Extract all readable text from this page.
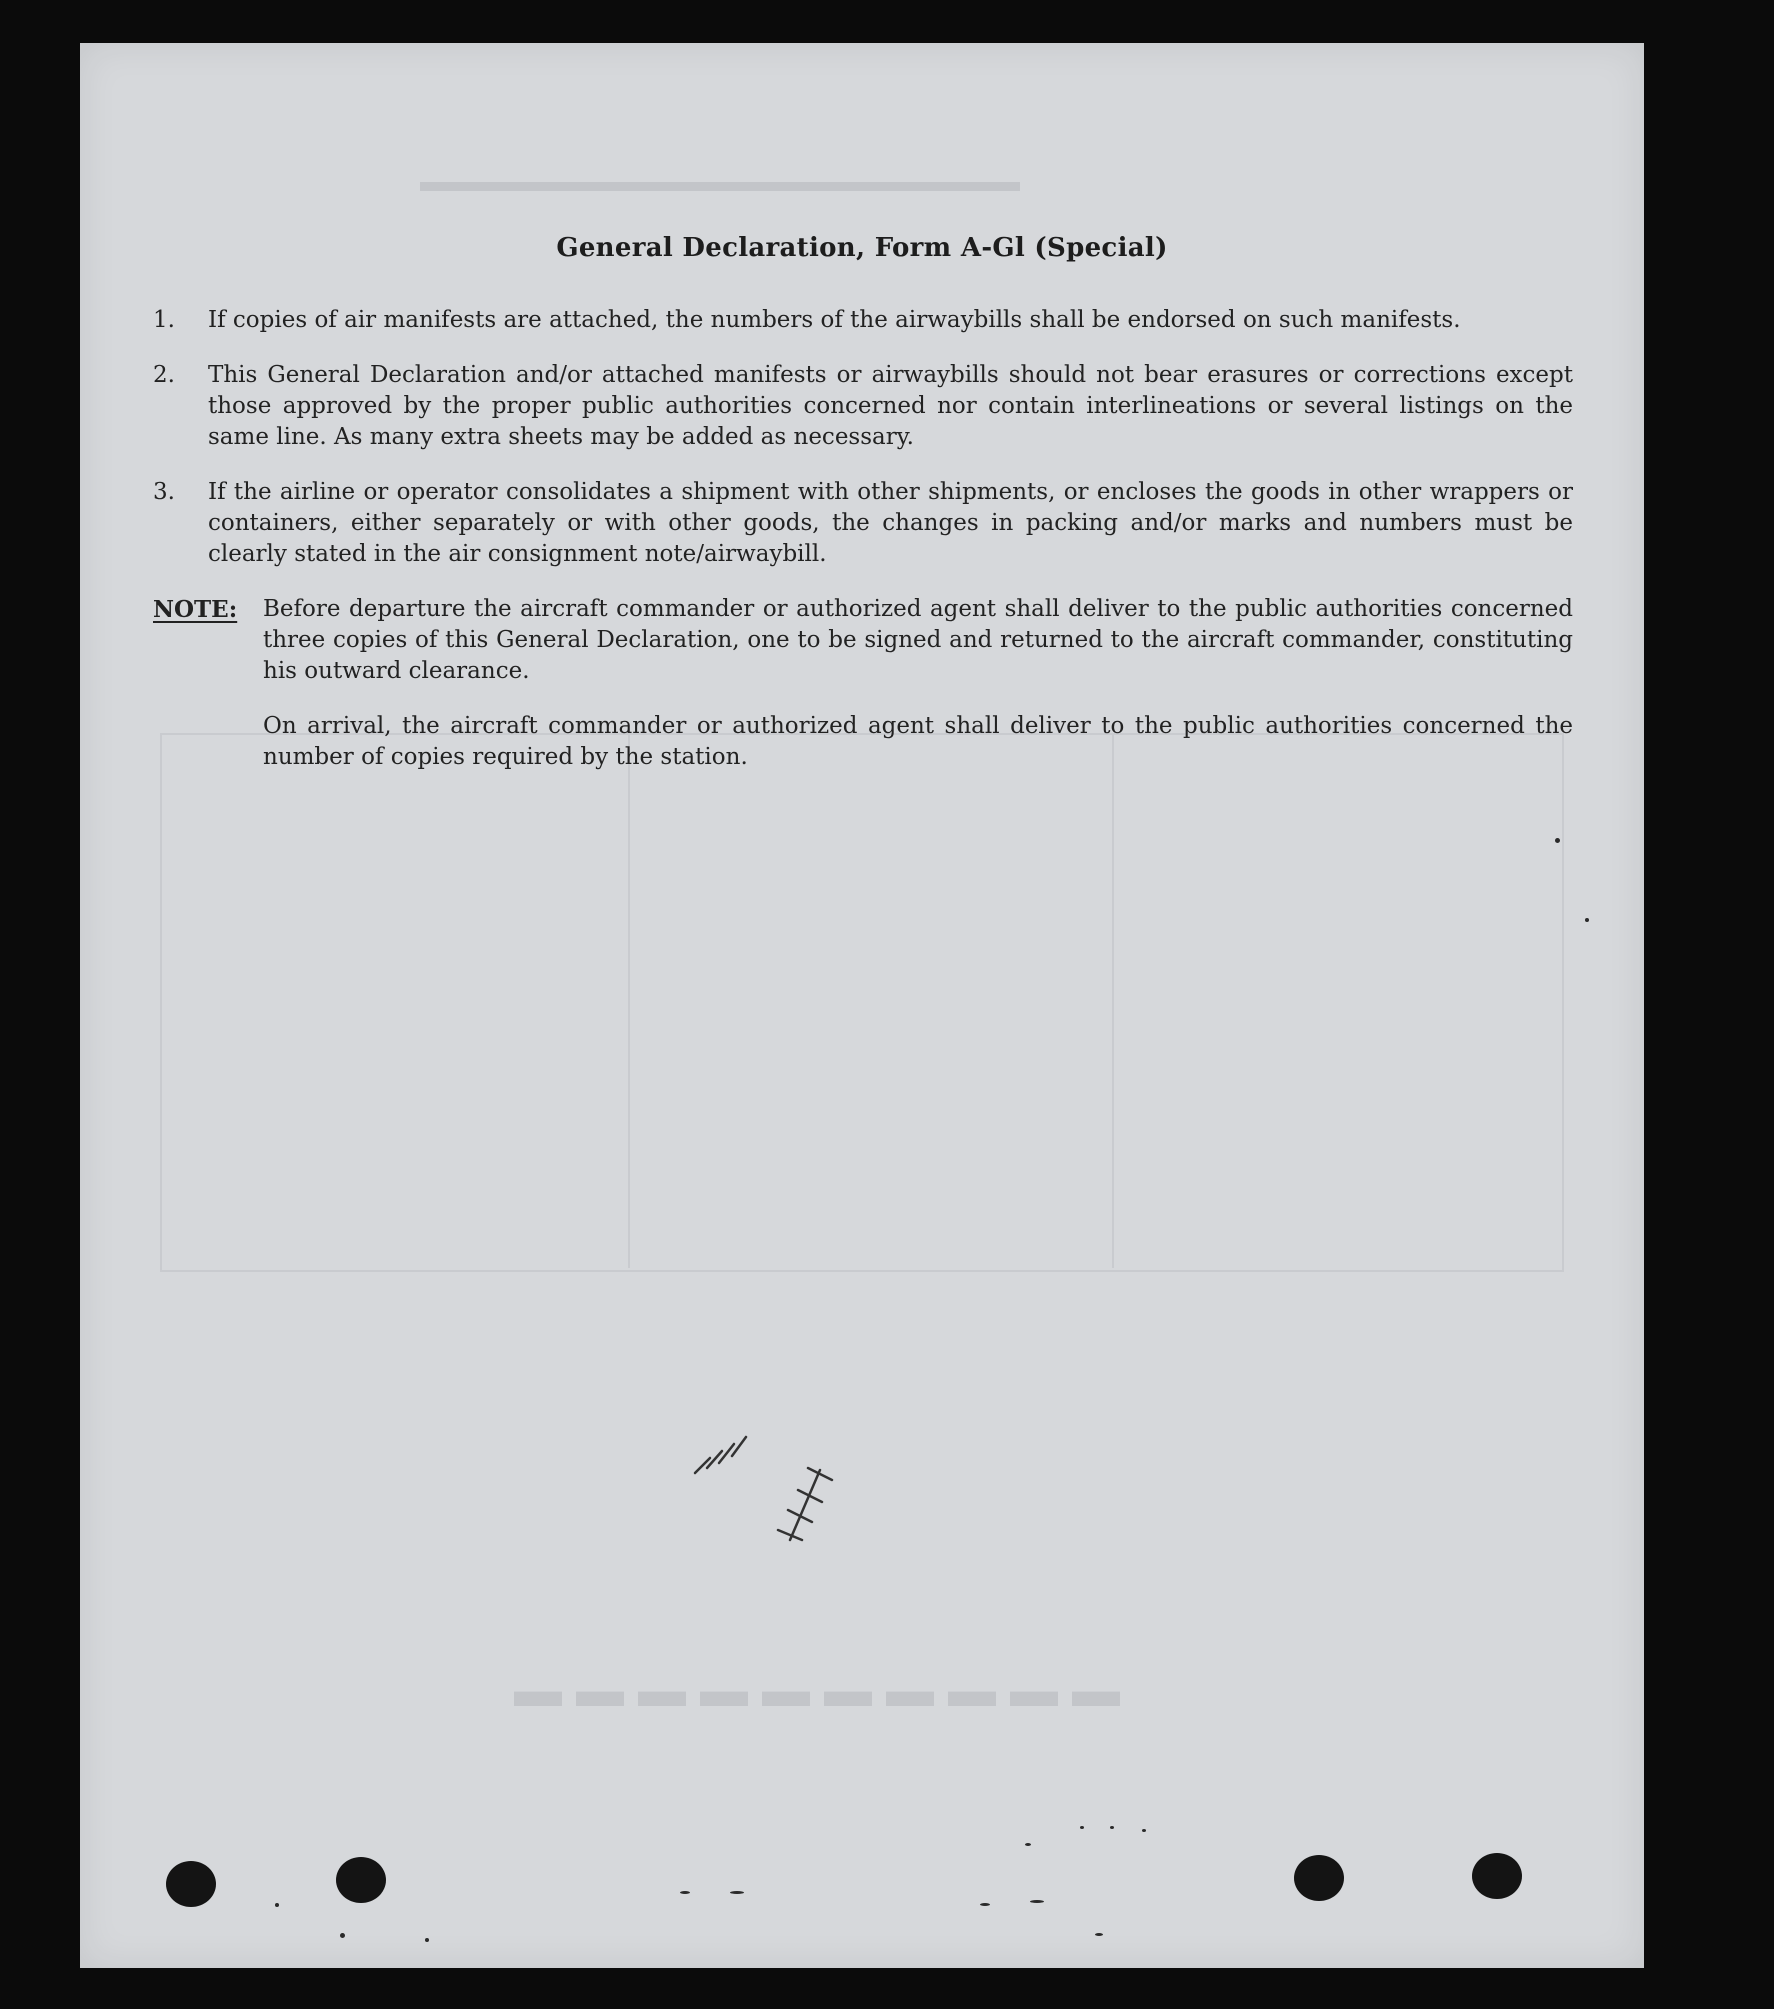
▬▬▬▬▬▬▬▬▬▬▬▬▬▬▬▬▬▬▬▬
▬▬▬▬▬▬▬▬▬▬
General Declaration, Form A-Gl (Special)
1.	If copies of air manifests are attached, the numbers of the airwaybills shall be endorsed on such manifests.
2.	This General Declaration and/or attached manifests or airwaybills should not bear erasures or corrections except those approved by the proper public authorities concerned nor contain interlineations or several listings on the same line. As many extra sheets may be added as necessary.
3.	If the airline or operator consolidates a shipment with other shipments, or encloses the goods in other wrappers or containers, either separately or with other goods, the changes in packing and/or marks and numbers must be clearly stated in the air consignment note/airwaybill.
NOTE:	Before departure the aircraft commander or authorized agent shall deliver to the public authorities concerned three copies of this General Declaration, one to be signed and returned to the aircraft commander, constituting his outward clearance.

On arrival, the aircraft commander or authorized agent shall deliver to the public authorities concerned the number of copies required by the station.
